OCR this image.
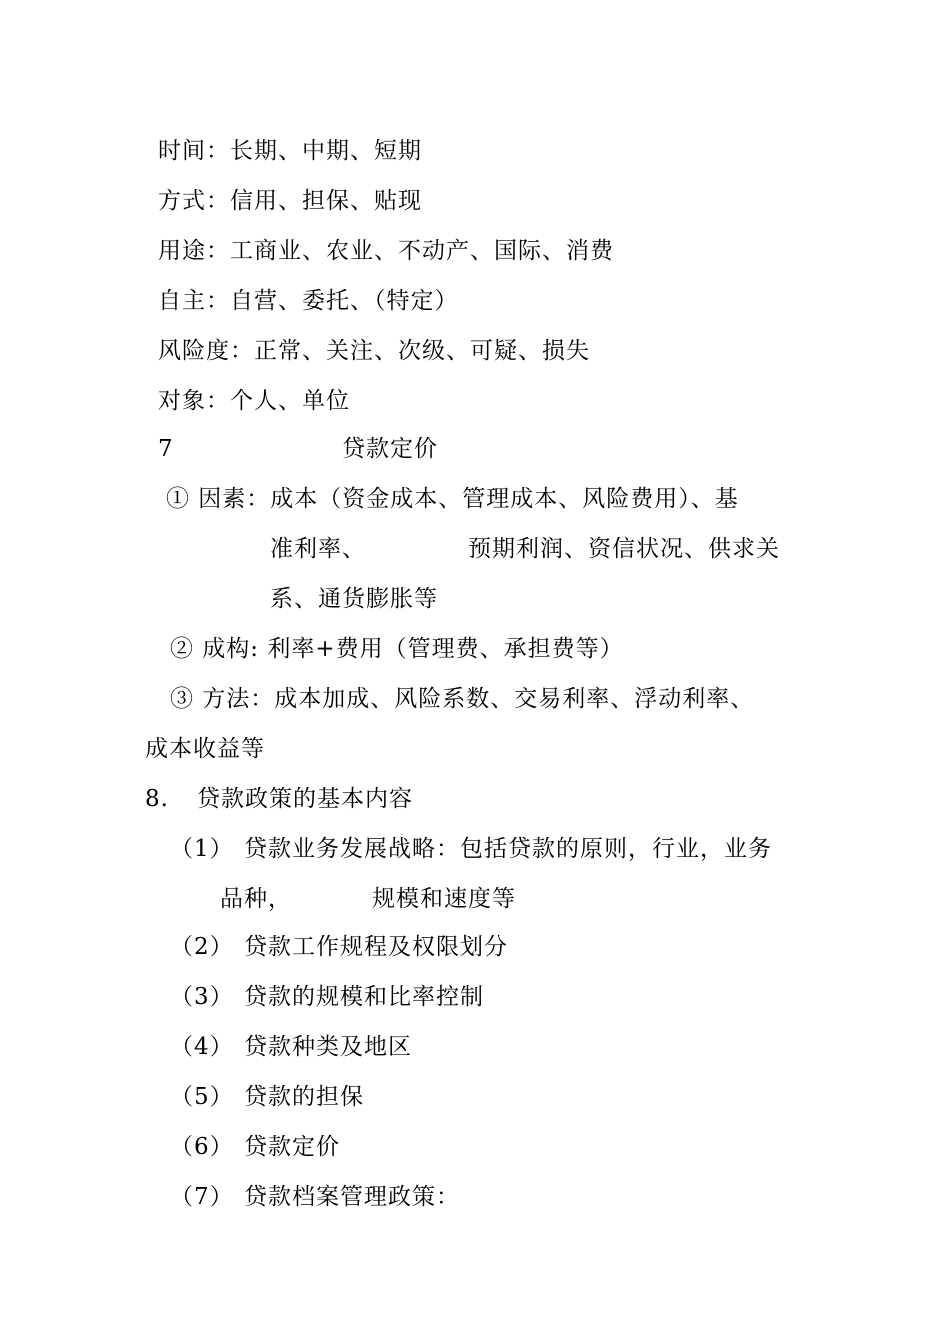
时间：长期、中期、短期
方式：信用、担保、贴现
用途：工商业、农业、不动产、国际、消费
自主：自营、委托、（特定）
风险度：正常、关注、次级、可疑、损失
对象：个人、单位

7

	贷款定价

① 因素：成本（资金成本、管理成本、风险费用）、基

准利率、

	预期利润、资信状况、供求关

系、通货膨胀等
② 成构: 利率+费用（管理费、承担费等）
③ 方法：成本加成、风险系数、交易利率、浮动利率、
成本收益等

8.

贷款政策的基本内容

（1）

贷款业务发展战略：包括贷款的原则，行业，业务

品种，

	规模和速度等

（2）

贷款工作规程及权限划分

（3）

贷款的规模和比率控制

（4）

贷款种类及地区

（5）

贷款的担保

（6）

贷款定价

（7）

贷款档案管理政策：
